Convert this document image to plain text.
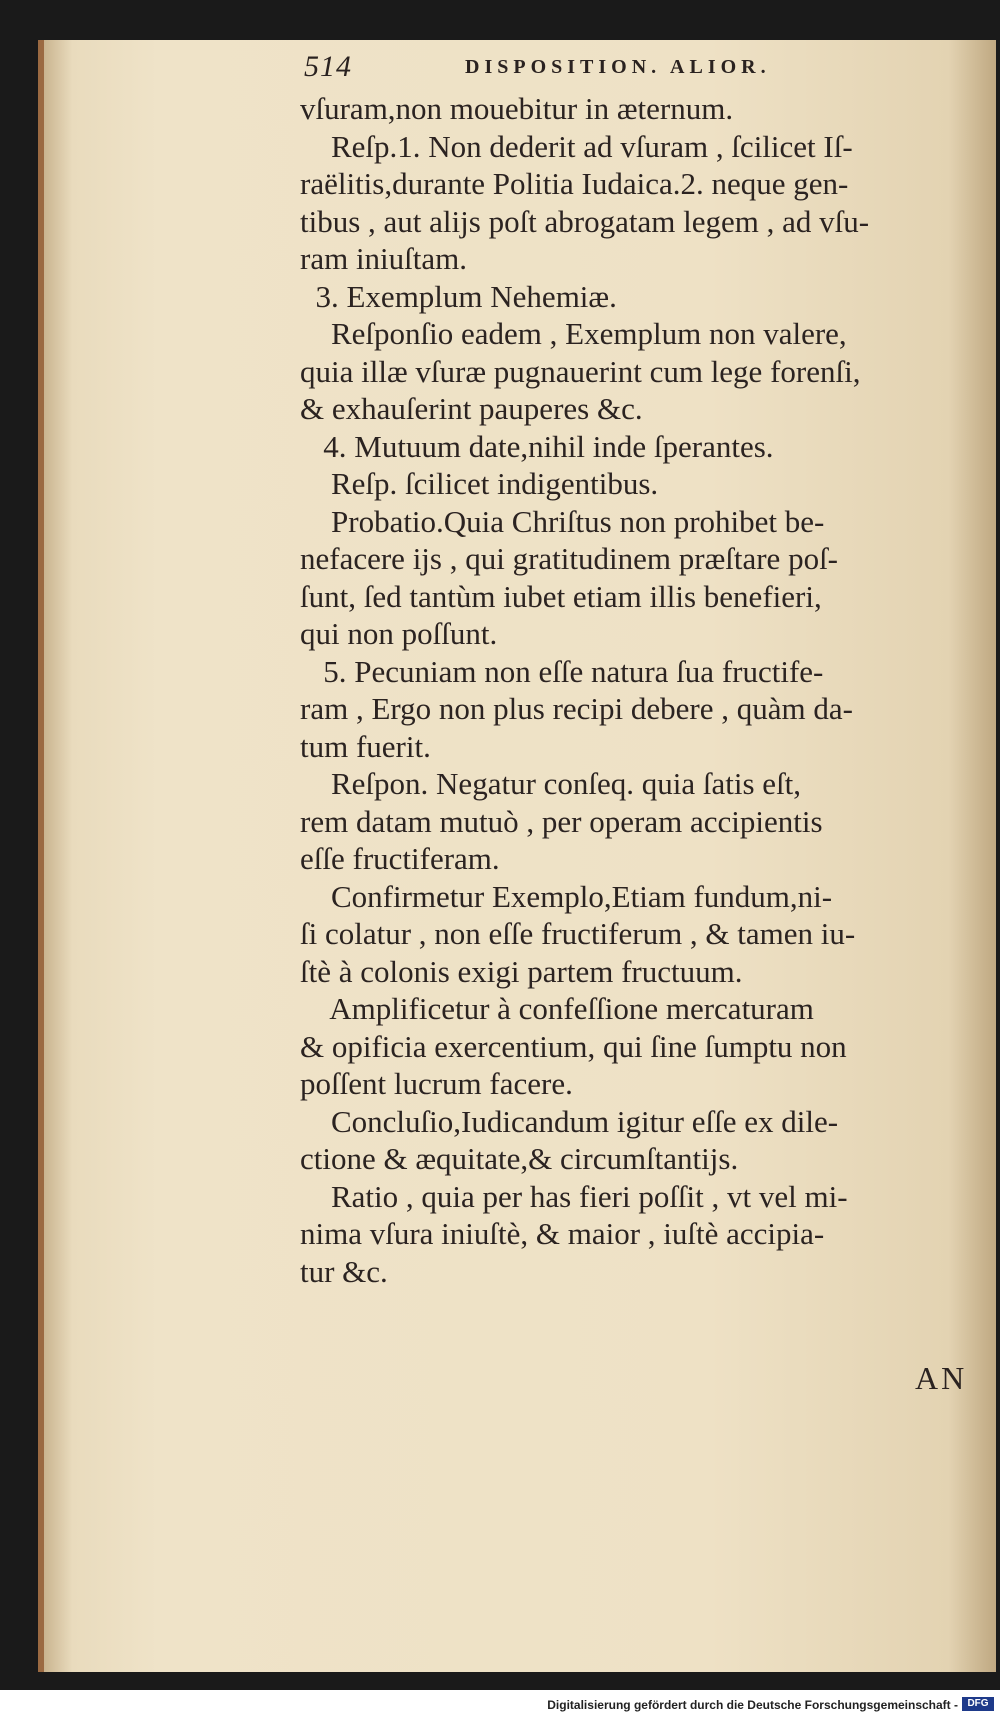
514	DISPOSITION. ALIOR.
vſuram,non mouebitur in æternum.
Reſp.1. Non dederit ad vſuram , ſcilicet Iſ-
raëlitis,durante Politia Iudaica.2. neque gen-
tibus , aut alijs poſt abrogatam legem , ad vſu-
ram iniuſtam.
3. Exemplum Nehemiæ.
Reſponſio eadem , Exemplum non valere,
quia illæ vſuræ pugnauerint cum lege forenſi,
& exhauſerint pauperes &c.
4. Mutuum date,nihil inde ſperantes.
Reſp. ſcilicet indigentibus.
Probatio.Quia Chriſtus non prohibet be-
nefacere ijs , qui gratitudinem præſtare poſ-
ſunt, ſed tantùm iubet etiam illis benefieri,
qui non poſſunt.
5. Pecuniam non eſſe natura ſua fructife-
ram , Ergo non plus recipi debere , quàm da-
tum fuerit.
Reſpon. Negatur conſeq. quia ſatis eſt,
rem datam mutuò , per operam accipientis
eſſe fructiferam.
Confirmetur Exemplo,Etiam fundum,ni-
ſi colatur , non eſſe fructiferum , & tamen iu-
ſtè à colonis exigi partem fructuum.
Amplificetur à confeſſione mercaturam
& opificia exercentium, qui ſine ſumptu non
poſſent lucrum facere.
Concluſio,Iudicandum igitur eſſe ex dile-
ctione & æquitate,& circumſtantijs.
Ratio , quia per has fieri poſſit , vt vel mi-
nima vſura iniuſtè, & maior , iuſtè accipia-
tur &c.
AN
Digitalisierung gefördert durch die Deutsche Forschungsgemeinschaft - DFG
